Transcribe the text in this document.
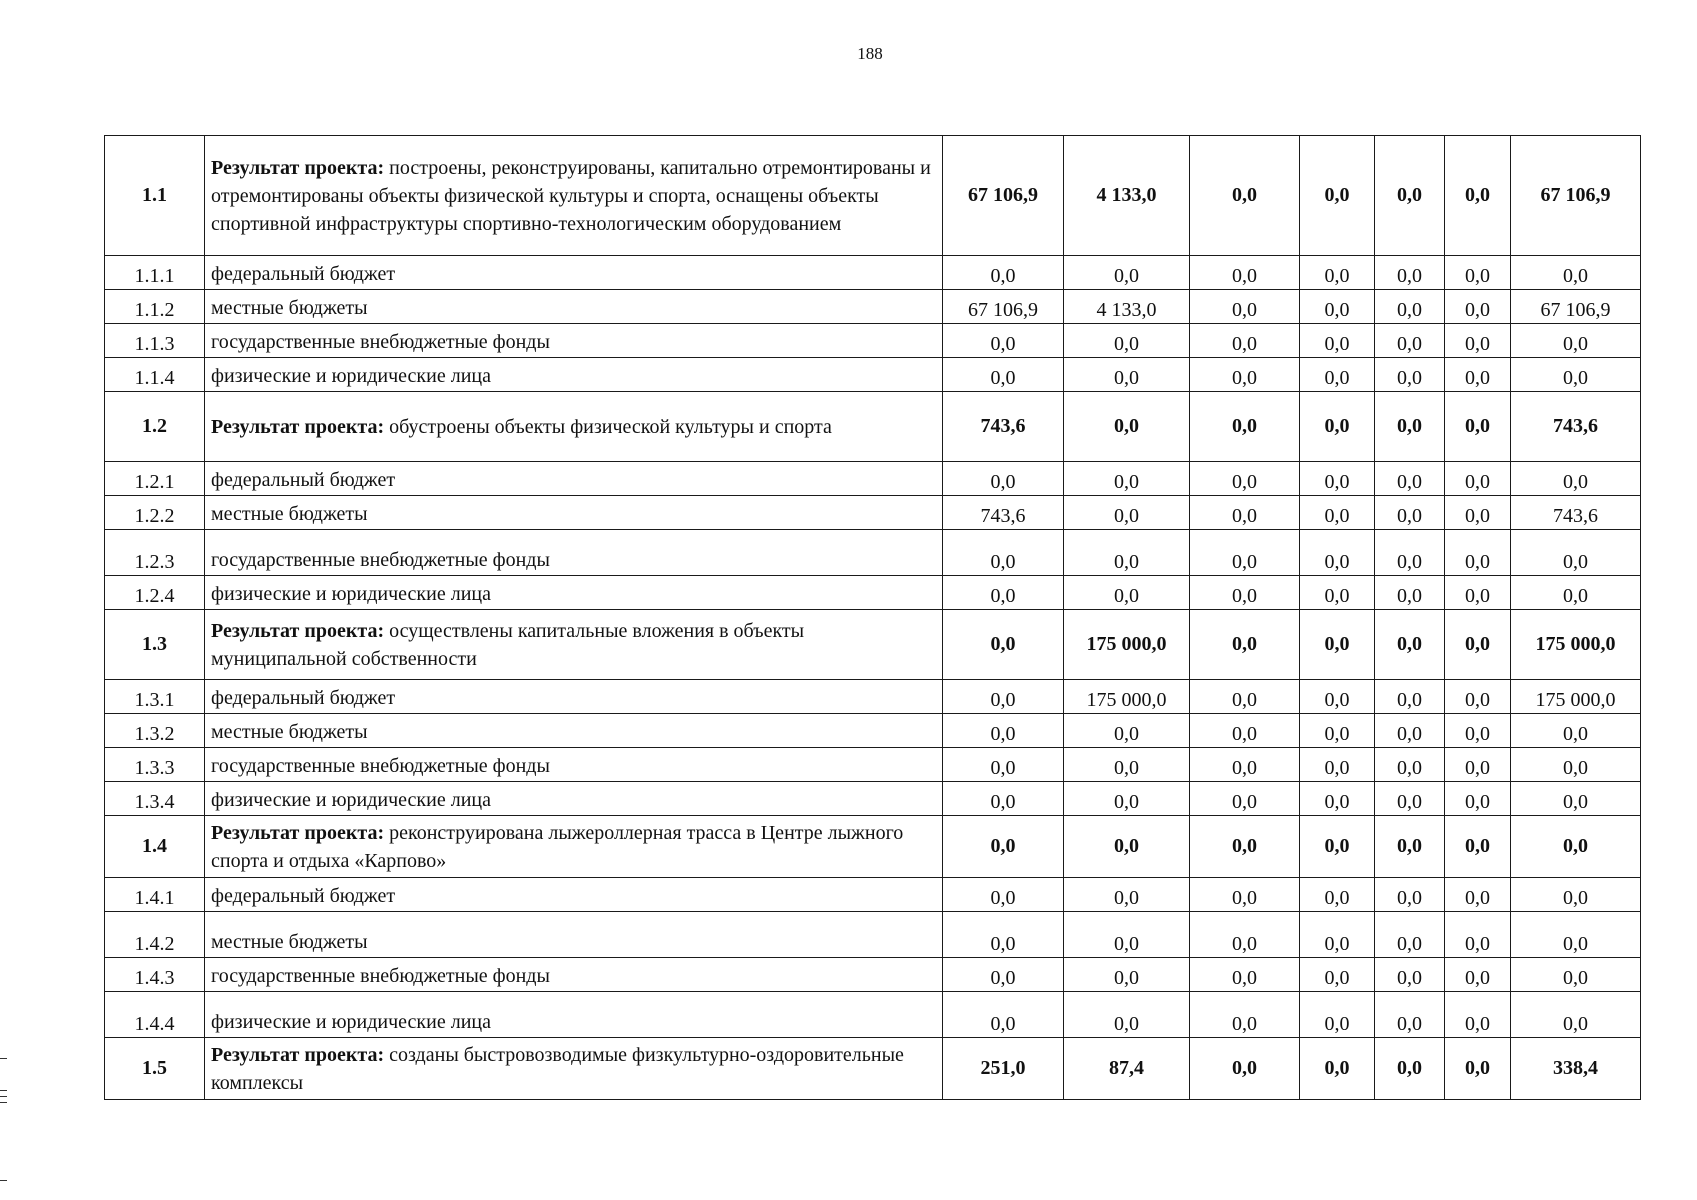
188
1.1	Результат проекта: построены, реконструированы, капитально отремонтированы и отремонтированы объекты физической культуры и спорта, оснащены объекты спортивной инфраструктуры спортивно-технологическим оборудованием	67 106,9	4 133,0	0,0	0,0	0,0	0,0	67 106,9
1.1.1	федеральный бюджет	0,0	0,0	0,0	0,0	0,0	0,0	0,0
1.1.2	местные бюджеты	67 106,9	4 133,0	0,0	0,0	0,0	0,0	67 106,9
1.1.3	государственные внебюджетные фонды	0,0	0,0	0,0	0,0	0,0	0,0	0,0
1.1.4	физические и юридические лица	0,0	0,0	0,0	0,0	0,0	0,0	0,0
1.2	Результат проекта: обустроены объекты физической культуры и спорта	743,6	0,0	0,0	0,0	0,0	0,0	743,6
1.2.1	федеральный бюджет	0,0	0,0	0,0	0,0	0,0	0,0	0,0
1.2.2	местные бюджеты	743,6	0,0	0,0	0,0	0,0	0,0	743,6
1.2.3	государственные внебюджетные фонды	0,0	0,0	0,0	0,0	0,0	0,0	0,0
1.2.4	физические и юридические лица	0,0	0,0	0,0	0,0	0,0	0,0	0,0
1.3	Результат проекта: осуществлены капитальные вложения в объекты муниципальной собственности	0,0	175 000,0	0,0	0,0	0,0	0,0	175 000,0
1.3.1	федеральный бюджет	0,0	175 000,0	0,0	0,0	0,0	0,0	175 000,0
1.3.2	местные бюджеты	0,0	0,0	0,0	0,0	0,0	0,0	0,0
1.3.3	государственные внебюджетные фонды	0,0	0,0	0,0	0,0	0,0	0,0	0,0
1.3.4	физические и юридические лица	0,0	0,0	0,0	0,0	0,0	0,0	0,0
1.4	Результат проекта: реконструирована лыжероллерная трасса в Центре лыжного спорта и отдыха «Карпово»	0,0	0,0	0,0	0,0	0,0	0,0	0,0
1.4.1	федеральный бюджет	0,0	0,0	0,0	0,0	0,0	0,0	0,0
1.4.2	местные бюджеты	0,0	0,0	0,0	0,0	0,0	0,0	0,0
1.4.3	государственные внебюджетные фонды	0,0	0,0	0,0	0,0	0,0	0,0	0,0
1.4.4	физические и юридические лица	0,0	0,0	0,0	0,0	0,0	0,0	0,0
1.5	Результат проекта: созданы быстровозводимые физкультурно-оздоровительные комплексы	251,0	87,4	0,0	0,0	0,0	0,0	338,4
